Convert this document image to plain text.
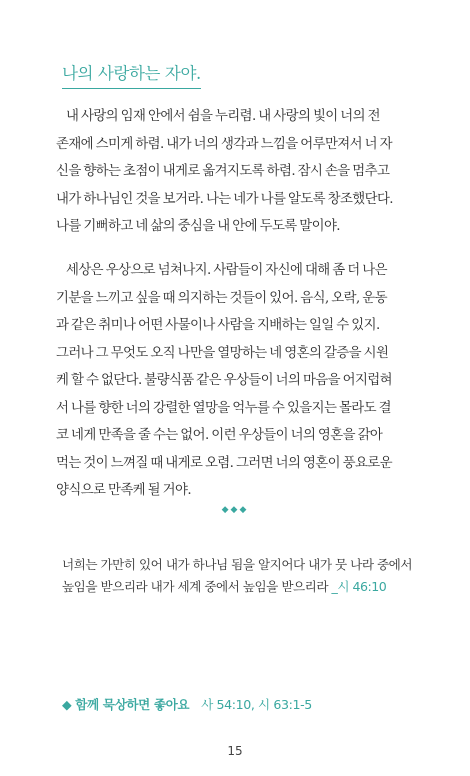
나의 사랑하는 자야.
내 사랑의 임재 안에서 쉼을 누리렴. 내 사랑의 빛이 너의 전
존재에 스미게 하렴. 내가 너의 생각과 느낌을 어루만져서 너 자
신을 향하는 초점이 내게로 옮겨지도록 하렴. 잠시 손을 멈추고
내가 하나님인 것을 보거라. 나는 네가 나를 알도록 창조했단다.
나를 기뻐하고 네 삶의 중심을 내 안에 두도록 말이야.
세상은 우상으로 넘쳐나지. 사람들이 자신에 대해 좀 더 나은
기분을 느끼고 싶을 때 의지하는 것들이 있어. 음식, 오락, 운동
과 같은 취미나 어떤 사물이나 사람을 지배하는 일일 수 있지.
그러나 그 무엇도 오직 나만을 열망하는 네 영혼의 갈증을 시원
케 할 수 없단다. 불량식품 같은 우상들이 너의 마음을 어지럽혀
서 나를 향한 너의 강렬한 열망을 억누를 수 있을지는 몰라도 결
코 네게 만족을 줄 수는 없어. 이런 우상들이 너의 영혼을 갉아
먹는 것이 느껴질 때 내게로 오렴. 그러면 너의 영혼이 풍요로운
양식으로 만족케 될 거야.
◆◆◆
너희는 가만히 있어 내가 하나님 됨을 알지어다 내가 뭇 나라 중에서
높임을 받으리라 내가 세계 중에서 높임을 받으리라 _시 46:10
◆ 함께 묵상하면 좋아요 사 54:10, 시 63:1-5
15
